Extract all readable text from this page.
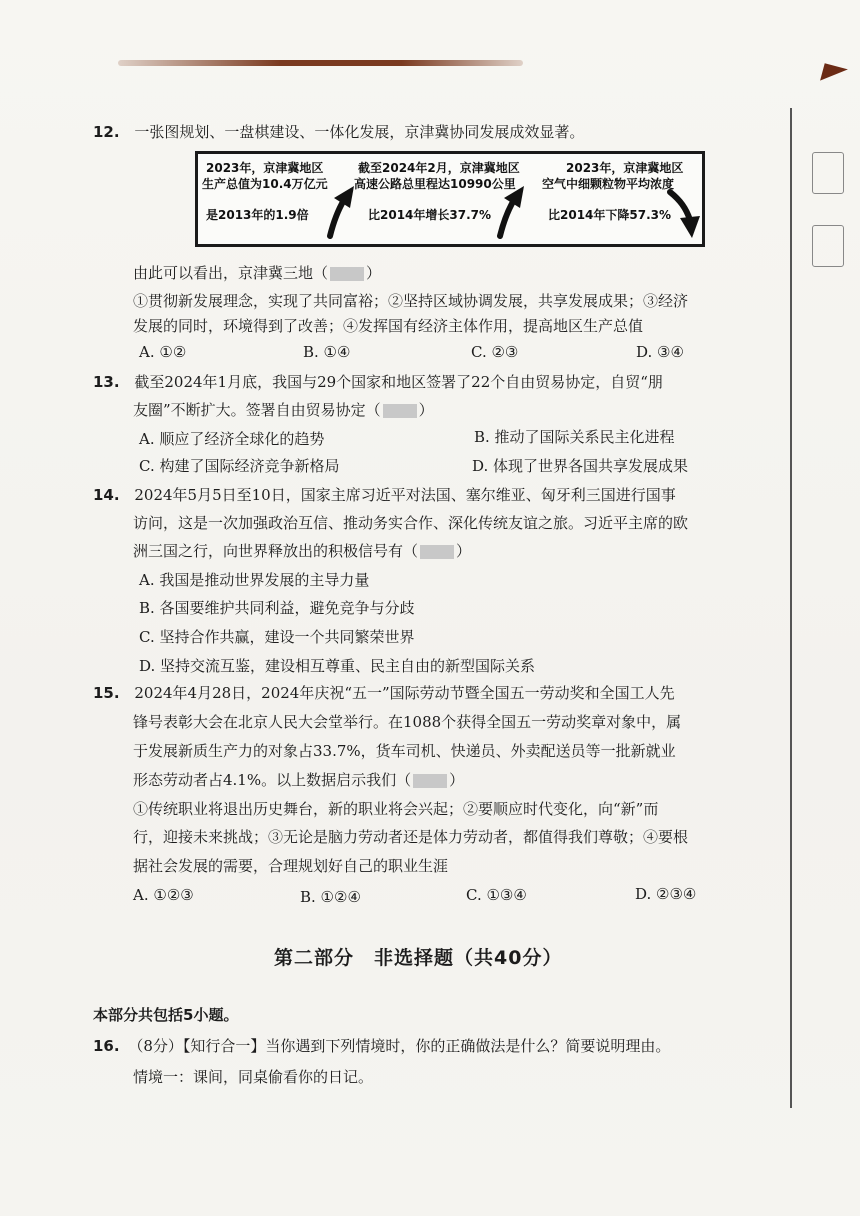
12. 一张图规划、一盘棋建设、一体化发展，京津冀协同发展成效显著。
2023年，京津冀地区
生产总值为10.4万亿元
是2013年的1.9倍
截至2024年2月，京津冀地区
高速公路总里程达10990公里
比2014年增长37.7%
2023年，京津冀地区
空气中细颗粒物平均浓度
比2014年下降57.3%
由此可以看出，京津冀三地（	）
①贯彻新发展理念，实现了共同富裕；②坚持区域协调发展，共享发展成果；③经济
发展的同时，环境得到了改善；④发挥国有经济主体作用，提高地区生产总值
A. ①②	B. ①④	C. ②③	D. ③④
13. 截至2024年1月底，我国与29个国家和地区签署了22个自由贸易协定，自贸“朋
友圈”不断扩大。签署自由贸易协定（	）
A. 顺应了经济全球化的趋势	B. 推动了国际关系民主化进程
C. 构建了国际经济竞争新格局	D. 体现了世界各国共享发展成果
14. 2024年5月5日至10日，国家主席习近平对法国、塞尔维亚、匈牙利三国进行国事
访问，这是一次加强政治互信、推动务实合作、深化传统友谊之旅。习近平主席的欧
洲三国之行，向世界释放出的积极信号有（	）
A. 我国是推动世界发展的主导力量
B. 各国要维护共同利益，避免竞争与分歧
C. 坚持合作共赢，建设一个共同繁荣世界
D. 坚持交流互鉴，建设相互尊重、民主自由的新型国际关系
15. 2024年4月28日，2024年庆祝“五一”国际劳动节暨全国五一劳动奖和全国工人先
锋号表彰大会在北京人民大会堂举行。在1088个获得全国五一劳动奖章对象中，属
于发展新质生产力的对象占33.7%，货车司机、快递员、外卖配送员等一批新就业
形态劳动者占4.1%。以上数据启示我们（	）
①传统职业将退出历史舞台，新的职业将会兴起；②要顺应时代变化，向“新”而
行，迎接未来挑战；③无论是脑力劳动者还是体力劳动者，都值得我们尊敬；④要根
据社会发展的需要，合理规划好自己的职业生涯
A. ①②③	B. ①②④	C. ①③④	D. ②③④
第二部分　非选择题（共40分）
本部分共包括5小题。
16. （8分）【知行合一】当你遇到下列情境时，你的正确做法是什么？简要说明理由。
情境一：课间，同桌偷看你的日记。
